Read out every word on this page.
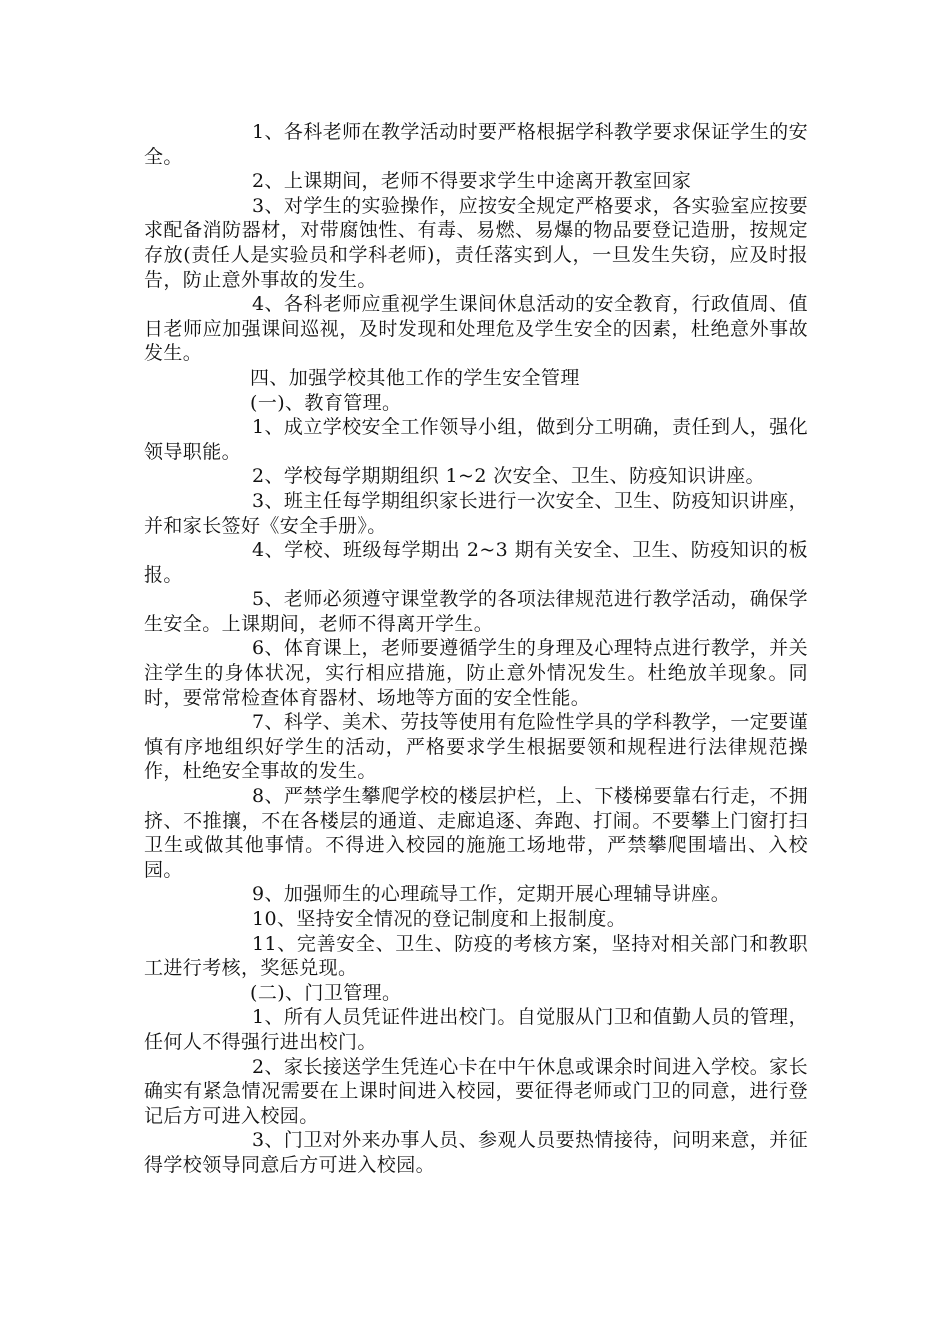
1、各科老师在教学活动时要严格根据学科教学要求保证学生的安全。

2、上课期间，老师不得要求学生中途离开教室回家

3、对学生的实验操作，应按安全规定严格要求，各实验室应按要求配备消防器材，对带腐蚀性、有毒、易燃、易爆的物品要登记造册，按规定存放(责任人是实验员和学科老师)，责任落实到人，一旦发生失窃，应及时报告，防止意外事故的发生。

4、各科老师应重视学生课间休息活动的安全教育，行政值周、值日老师应加强课间巡视，及时发现和处理危及学生安全的因素，杜绝意外事故发生。

四、加强学校其他工作的学生安全管理

(一)、教育管理。

1、成立学校安全工作领导小组，做到分工明确，责任到人，强化领导职能。

2、学校每学期期组织 1~2 次安全、卫生、防疫知识讲座。

3、班主任每学期组织家长进行一次安全、卫生、防疫知识讲座，并和家长签好《安全手册》。

4、学校、班级每学期出 2~3 期有关安全、卫生、防疫知识的板报。

5、老师必须遵守课堂教学的各项法律规范进行教学活动，确保学生安全。上课期间，老师不得离开学生。

6、体育课上，老师要遵循学生的身理及心理特点进行教学，并关注学生的身体状况，实行相应措施，防止意外情况发生。杜绝放羊现象。同时，要常常检查体育器材、场地等方面的安全性能。

7、科学、美术、劳技等使用有危险性学具的学科教学，一定要谨慎有序地组织好学生的活动，严格要求学生根据要领和规程进行法律规范操作，杜绝安全事故的发生。

8、严禁学生攀爬学校的楼层护栏，上、下楼梯要靠右行走，不拥挤、不推攘，不在各楼层的通道、走廊追逐、奔跑、打闹。不要攀上门窗打扫卫生或做其他事情。不得进入校园的施施工场地带，严禁攀爬围墙出、入校园。

9、加强师生的心理疏导工作，定期开展心理辅导讲座。

10、坚持安全情况的登记制度和上报制度。

11、完善安全、卫生、防疫的考核方案，坚持对相关部门和教职工进行考核，奖惩兑现。

(二)、门卫管理。

1、所有人员凭证件进出校门。自觉服从门卫和值勤人员的管理，任何人不得强行进出校门。

2、家长接送学生凭连心卡在中午休息或课余时间进入学校。家长确实有紧急情况需要在上课时间进入校园，要征得老师或门卫的同意，进行登记后方可进入校园。

3、门卫对外来办事人员、参观人员要热情接待，问明来意，并征得学校领导同意后方可进入校园。
